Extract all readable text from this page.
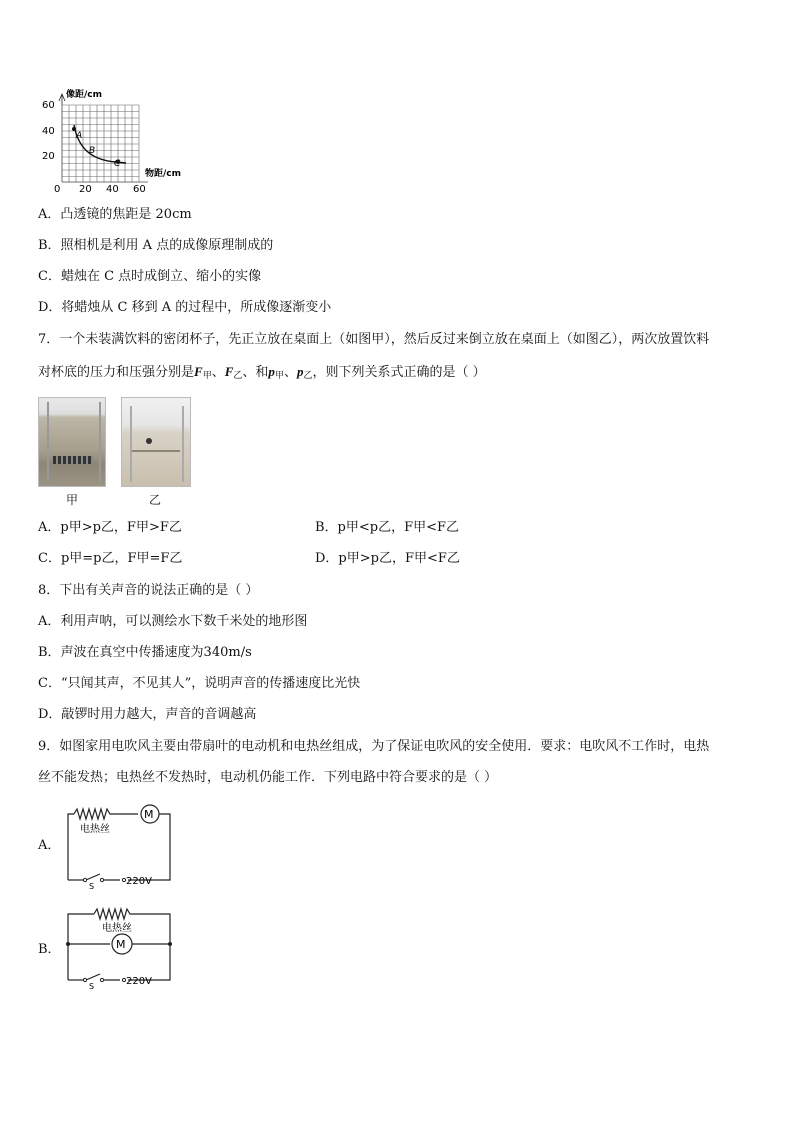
像距/cm
物距/cm
60
40
20
0 20 40 60
A
B
C
A．凸透镜的焦距是 20cm
B．照相机是利用 A 点的成像原理制成的
C．蜡烛在 C 点时成倒立、缩小的实像
D．将蜡烛从 C 移到 A 的过程中，所成像逐渐变小
7．一个未装满饮料的密闭杯子，先正立放在桌面上（如图甲），然后反过来倒立放在桌面上（如图乙），两次放置饮料
对杯底的压力和压强分别是$F_甲$、$F_乙$、和$p_甲$、$p_乙$，则下列关系式正确的是（ ）
甲	乙
A．p甲>p乙，F甲>F乙	B．p甲<p乙，F甲<F乙
C．p甲=p乙，F甲=F乙	D．p甲>p乙，F甲<F乙
8．下出有关声音的说法正确的是（ ）
A．利用声呐，可以测绘水下数千米处的地形图
B．声波在真空中传播速度为340m/s
C．“只闻其声，不见其人”，说明声音的传播速度比光快
D．敲锣时用力越大，声音的音调越高
9．如图家用电吹风主要由带扇叶的电动机和电热丝组成，为了保证电吹风的安全使用．要求：电吹风不工作时，电热
丝不能发热；电热丝不发热时，电动机仍能工作．下列电路中符合要求的是（ ）
A．
M
电热丝
S	220V
B．
电热丝
M
S	220V
